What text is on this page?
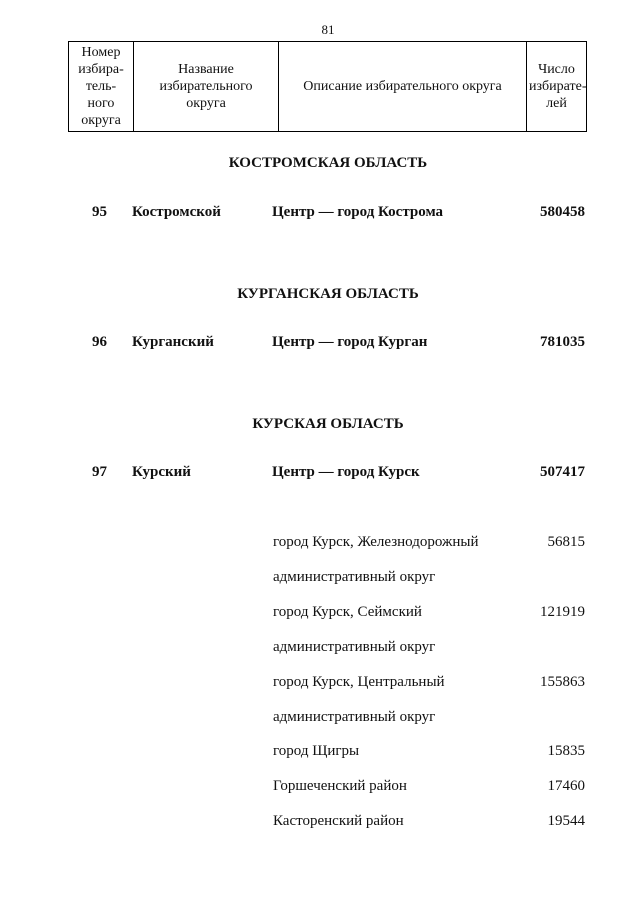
81
Номер
избира-
тель-
ного
округа	Название
избирательного
округа	Описание избирательного округа	Число
избирате-
лей
КОСТРОМСКАЯ ОБЛАСТЬ
95 Костромской	Центр — город Кострома	580458
КУРГАНСКАЯ ОБЛАСТЬ
96 Курганский	Центр — город Курган	781035
КУРСКАЯ ОБЛАСТЬ
97 Курский	Центр — город Курск	507417
город Курск, Железнодорожный	56815
административный округ
город Курск, Сеймский	121919
административный округ
город Курск, Центральный	155863
административный округ
город Щигры	15835
Горшеченский район	17460
Касторенский район	19544
